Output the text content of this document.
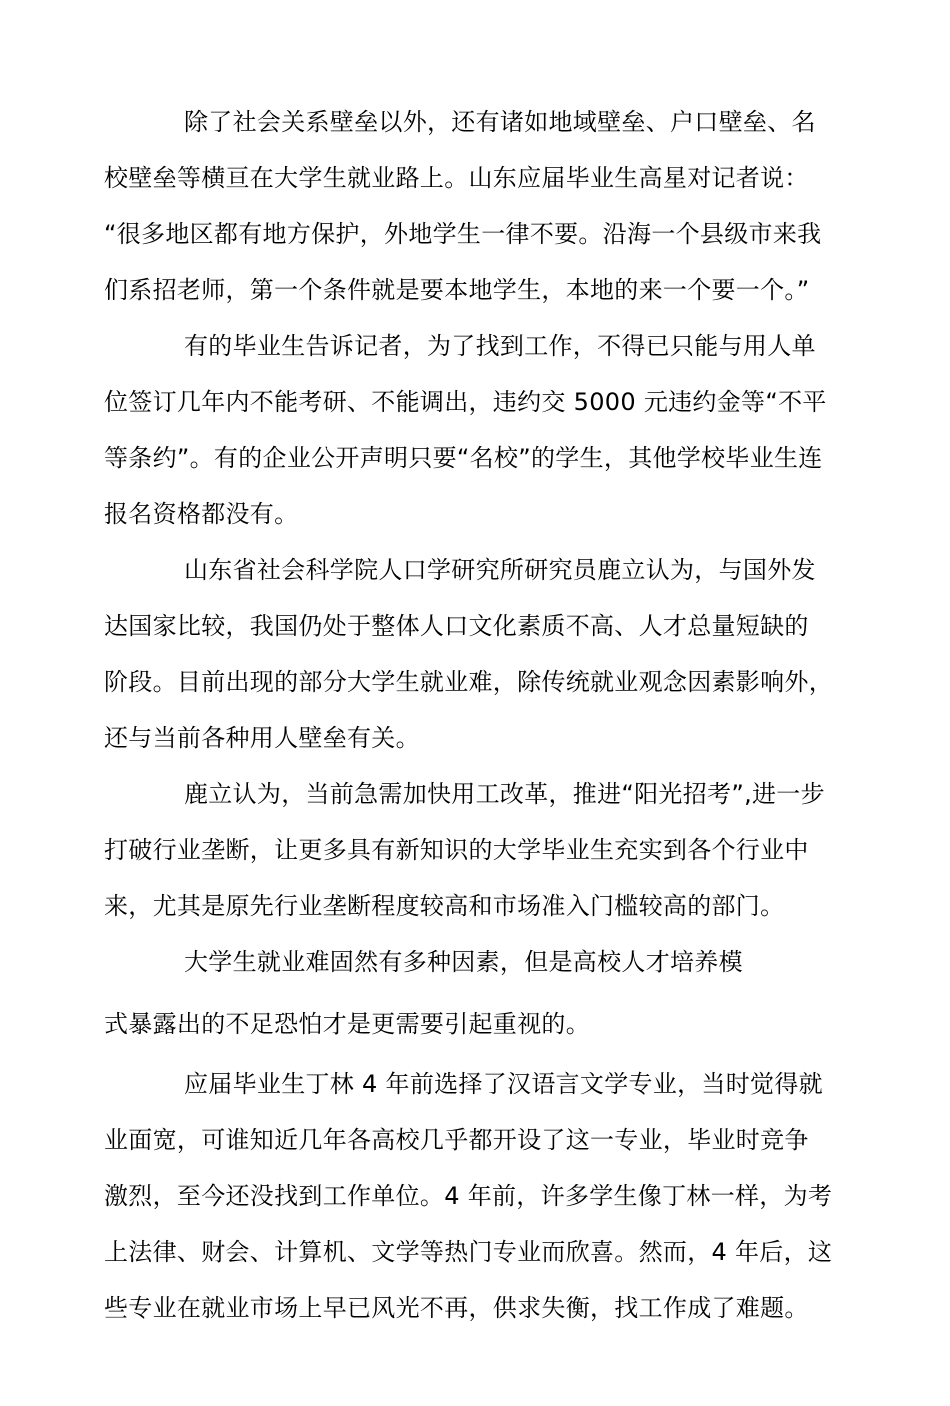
除了社会关系壁垒以外，还有诸如地域壁垒、户口壁垒、名
校壁垒等横亘在大学生就业路上。山东应届毕业生高星对记者说：
“很多地区都有地方保护，外地学生一律不要。沿海一个县级市来我
们系招老师，第一个条件就是要本地学生，本地的来一个要一个。”
有的毕业生告诉记者，为了找到工作，不得已只能与用人单
位签订几年内不能考研、不能调出，违约交 5000 元违约金等“不平
等条约”。有的企业公开声明只要“名校”的学生，其他学校毕业生连
报名资格都没有。
山东省社会科学院人口学研究所研究员鹿立认为，与国外发
达国家比较，我国仍处于整体人口文化素质不高、人才总量短缺的
阶段。目前出现的部分大学生就业难，除传统就业观念因素影响外，
还与当前各种用人壁垒有关。
鹿立认为，当前急需加快用工改革，推进“阳光招考”,进一步
打破行业垄断，让更多具有新知识的大学毕业生充实到各个行业中
来，尤其是原先行业垄断程度较高和市场准入门槛较高的部门。
大学生就业难固然有多种因素，但是高校人才培养模
式暴露出的不足恐怕才是更需要引起重视的。
应届毕业生丁林 4 年前选择了汉语言文学专业，当时觉得就
业面宽，可谁知近几年各高校几乎都开设了这一专业，毕业时竞争
激烈，至今还没找到工作单位。4 年前，许多学生像丁林一样，为考
上法律、财会、计算机、文学等热门专业而欣喜。然而，4 年后，这
些专业在就业市场上早已风光不再，供求失衡，找工作成了难题。
